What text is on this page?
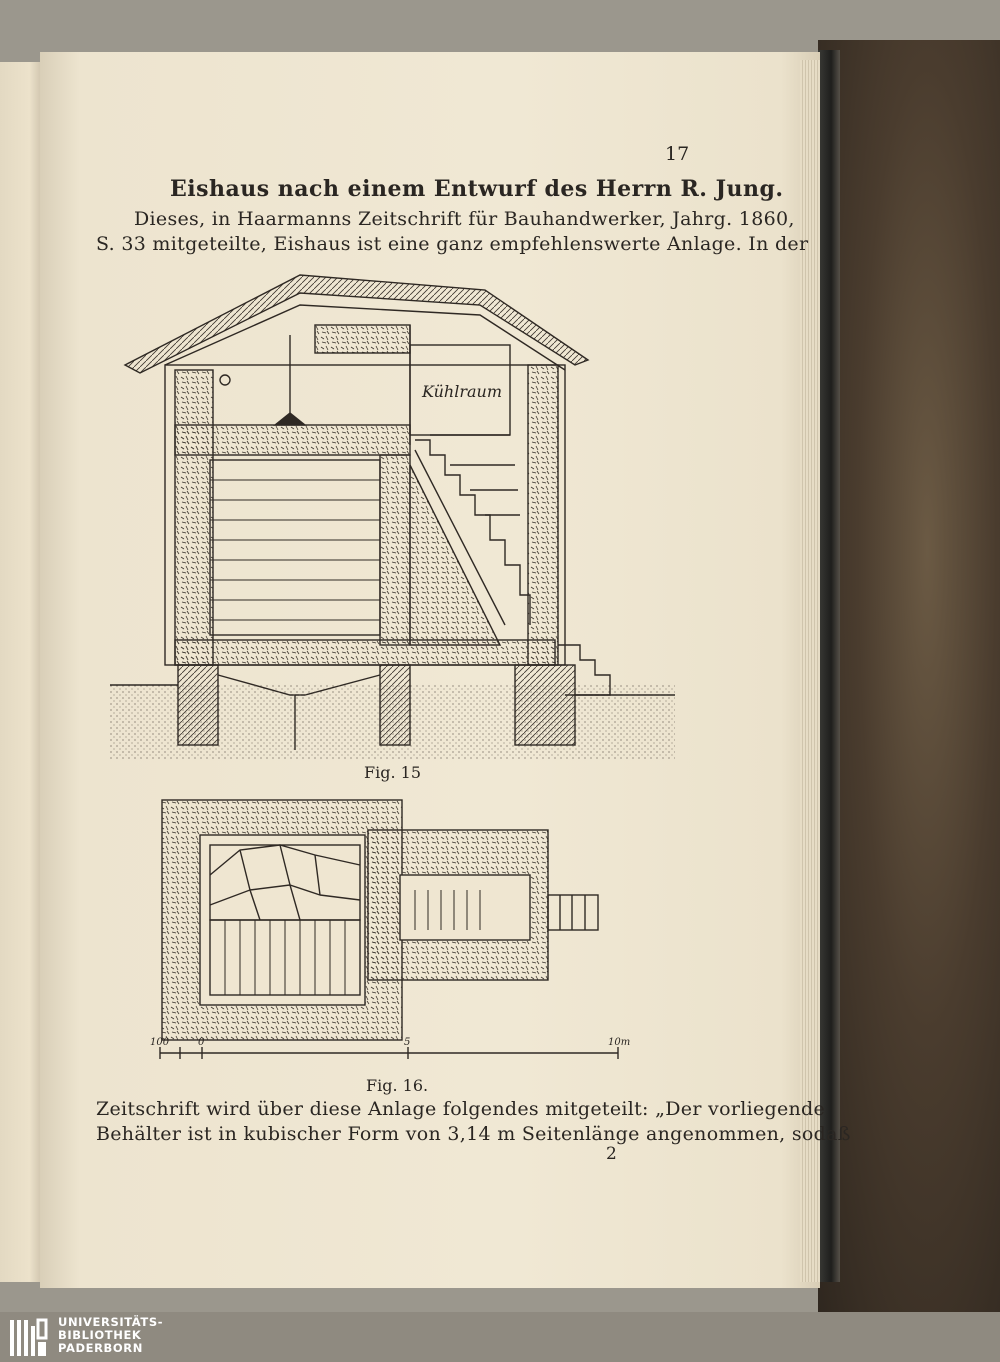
17
Eishaus nach einem Entwurf des Herrn R. Jung.
Dieses, in Haarmanns Zeitschrift für Bauhandwerker, Jahrg. 1860,
S. 33 mitgeteilte, Eishaus ist eine ganz empfehlenswerte Anlage. In der
Kühlraum
Fig. 15
100	0	5	10m
Fig. 16.
Zeitschrift wird über diese Anlage folgendes mitgeteilt: „Der vorliegende
Behälter ist in kubischer Form von 3,14 m Seitenlänge angenommen, sodaß
2
UNIVERSITÄTS-
BIBLIOTHEK
PADERBORN
